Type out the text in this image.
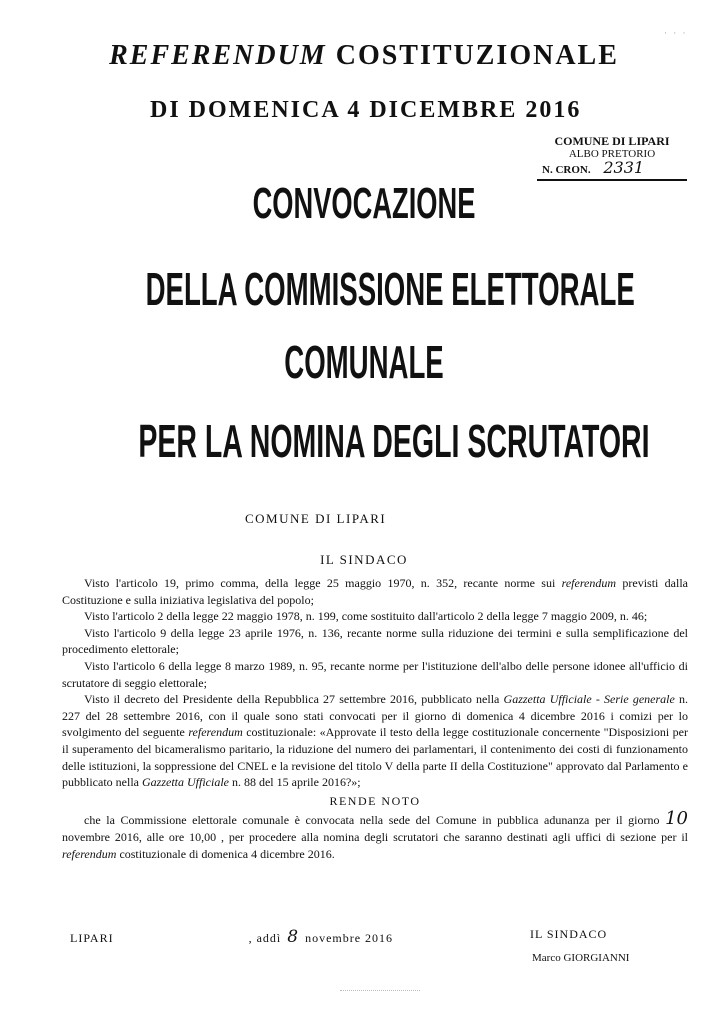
· · ·
REFERENDUM COSTITUZIONALE
DI DOMENICA 4 DICEMBRE 2016
COMUNE DI LIPARI
ALBO PRETORIO
N. CRON. 2331
CONVOCAZIONE
DELLA COMMISSIONE ELETTORALE
COMUNALE
PER LA NOMINA DEGLI SCRUTATORI
COMUNE DI LIPARI
IL SINDACO

Visto l'articolo 19, primo comma, della legge 25 maggio 1970, n. 352, recante norme sui referendum previsti dalla Costituzione e sulla iniziativa legislativa del popolo;

Visto l'articolo 2 della legge 22 maggio 1978, n. 199, come sostituito dall'articolo 2 della legge 7 maggio 2009, n. 46;

Visto l'articolo 9 della legge 23 aprile 1976, n. 136, recante norme sulla riduzione dei termini e sulla semplificazione del procedimento elettorale;

Visto l'articolo 6 della legge 8 marzo 1989, n. 95, recante norme per l'istituzione dell'albo delle persone idonee all'ufficio di scrutatore di seggio elettorale;

Visto il decreto del Presidente della Repubblica 27 settembre 2016, pubblicato nella Gazzetta Ufficiale - Serie generale n. 227 del 28 settembre 2016, con il quale sono stati convocati per il giorno di domenica 4 dicembre 2016 i comizi per lo svolgimento del seguente referendum costituzionale: «Approvate il testo della legge costituzionale concernente "Disposizioni per il superamento del bicameralismo paritario, la riduzione del numero dei parlamentari, il contenimento dei costi di funzionamento delle istituzioni, la soppressione del CNEL e la revisione del titolo V della parte II della Costituzione" approvato dal Parlamento e pubblicato nella Gazzetta Ufficiale n. 88 del 15 aprile 2016?»;

RENDE NOTO

che la Commissione elettorale comunale è convocata nella sede del Comune in pubblica adunanza per il giorno 10 novembre 2016, alle ore 10,00 , per procedere alla nomina degli scrutatori che saranno destinati agli uffici di sezione per il referendum costituzionale di domenica 4 dicembre 2016.

LIPARI	, addì 8 novembre 2016	IL SINDACO
Marco GIORGIANNI
